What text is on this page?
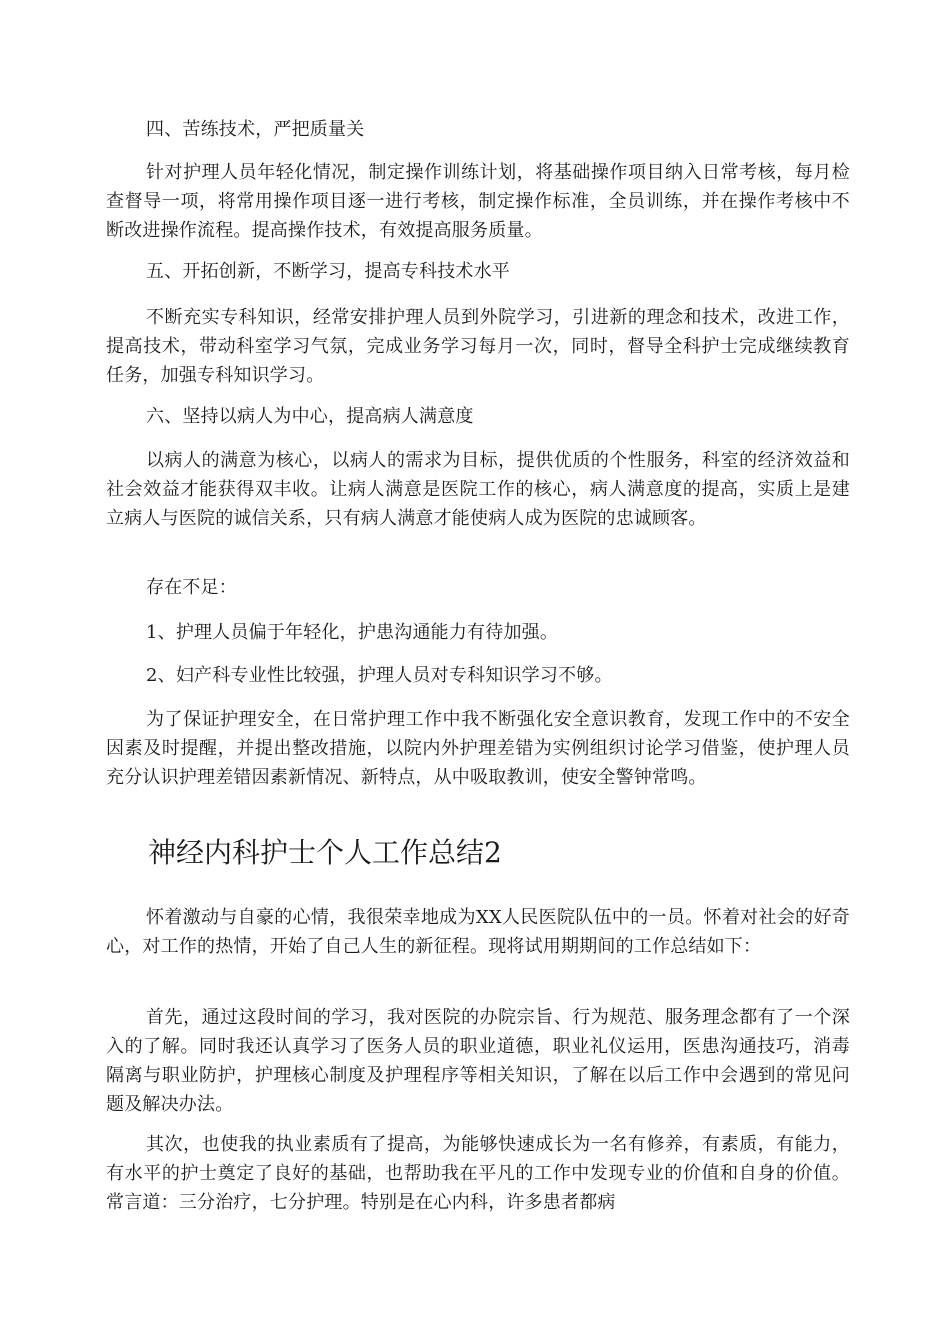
四、苦练技术，严把质量关

针对护理人员年轻化情况，制定操作训练计划，将基础操作项目纳入日常考核，每月检查督导一项，将常用操作项目逐一进行考核，制定操作标准，全员训练，并在操作考核中不断改进操作流程。提高操作技术，有效提高服务质量。

五、开拓创新，不断学习，提高专科技术水平

不断充实专科知识，经常安排护理人员到外院学习，引进新的理念和技术，改进工作，提高技术，带动科室学习气氛，完成业务学习每月一次，同时，督导全科护士完成继续教育任务，加强专科知识学习。

六、坚持以病人为中心，提高病人满意度

以病人的满意为核心，以病人的需求为目标，提供优质的个性服务，科室的经济效益和社会效益才能获得双丰收。让病人满意是医院工作的核心，病人满意度的提高，实质上是建立病人与医院的诚信关系，只有病人满意才能使病人成为医院的忠诚顾客。

存在不足：

1、护理人员偏于年轻化，护患沟通能力有待加强。

2、妇产科专业性比较强，护理人员对专科知识学习不够。

为了保证护理安全，在日常护理工作中我不断强化安全意识教育，发现工作中的不安全因素及时提醒，并提出整改措施，以院内外护理差错为实例组织讨论学习借鉴，使护理人员充分认识护理差错因素新情况、新特点，从中吸取教训，使安全警钟常鸣。

神经内科护士个人工作总结2

怀着激动与自豪的心情，我很荣幸地成为XX人民医院队伍中的一员。怀着对社会的好奇心，对工作的热情，开始了自己人生的新征程。现将试用期期间的工作总结如下：

首先，通过这段时间的学习，我对医院的办院宗旨、行为规范、服务理念都有了一个深入的了解。同时我还认真学习了医务人员的职业道德，职业礼仪运用，医患沟通技巧，消毒隔离与职业防护，护理核心制度及护理程序等相关知识，了解在以后工作中会遇到的常见问题及解决办法。

其次，也使我的执业素质有了提高，为能够快速成长为一名有修养，有素质，有能力，有水平的护士奠定了良好的基础，也帮助我在平凡的工作中发现专业的价值和自身的价值。常言道：三分治疗，七分护理。特别是在心内科，许多患者都病
